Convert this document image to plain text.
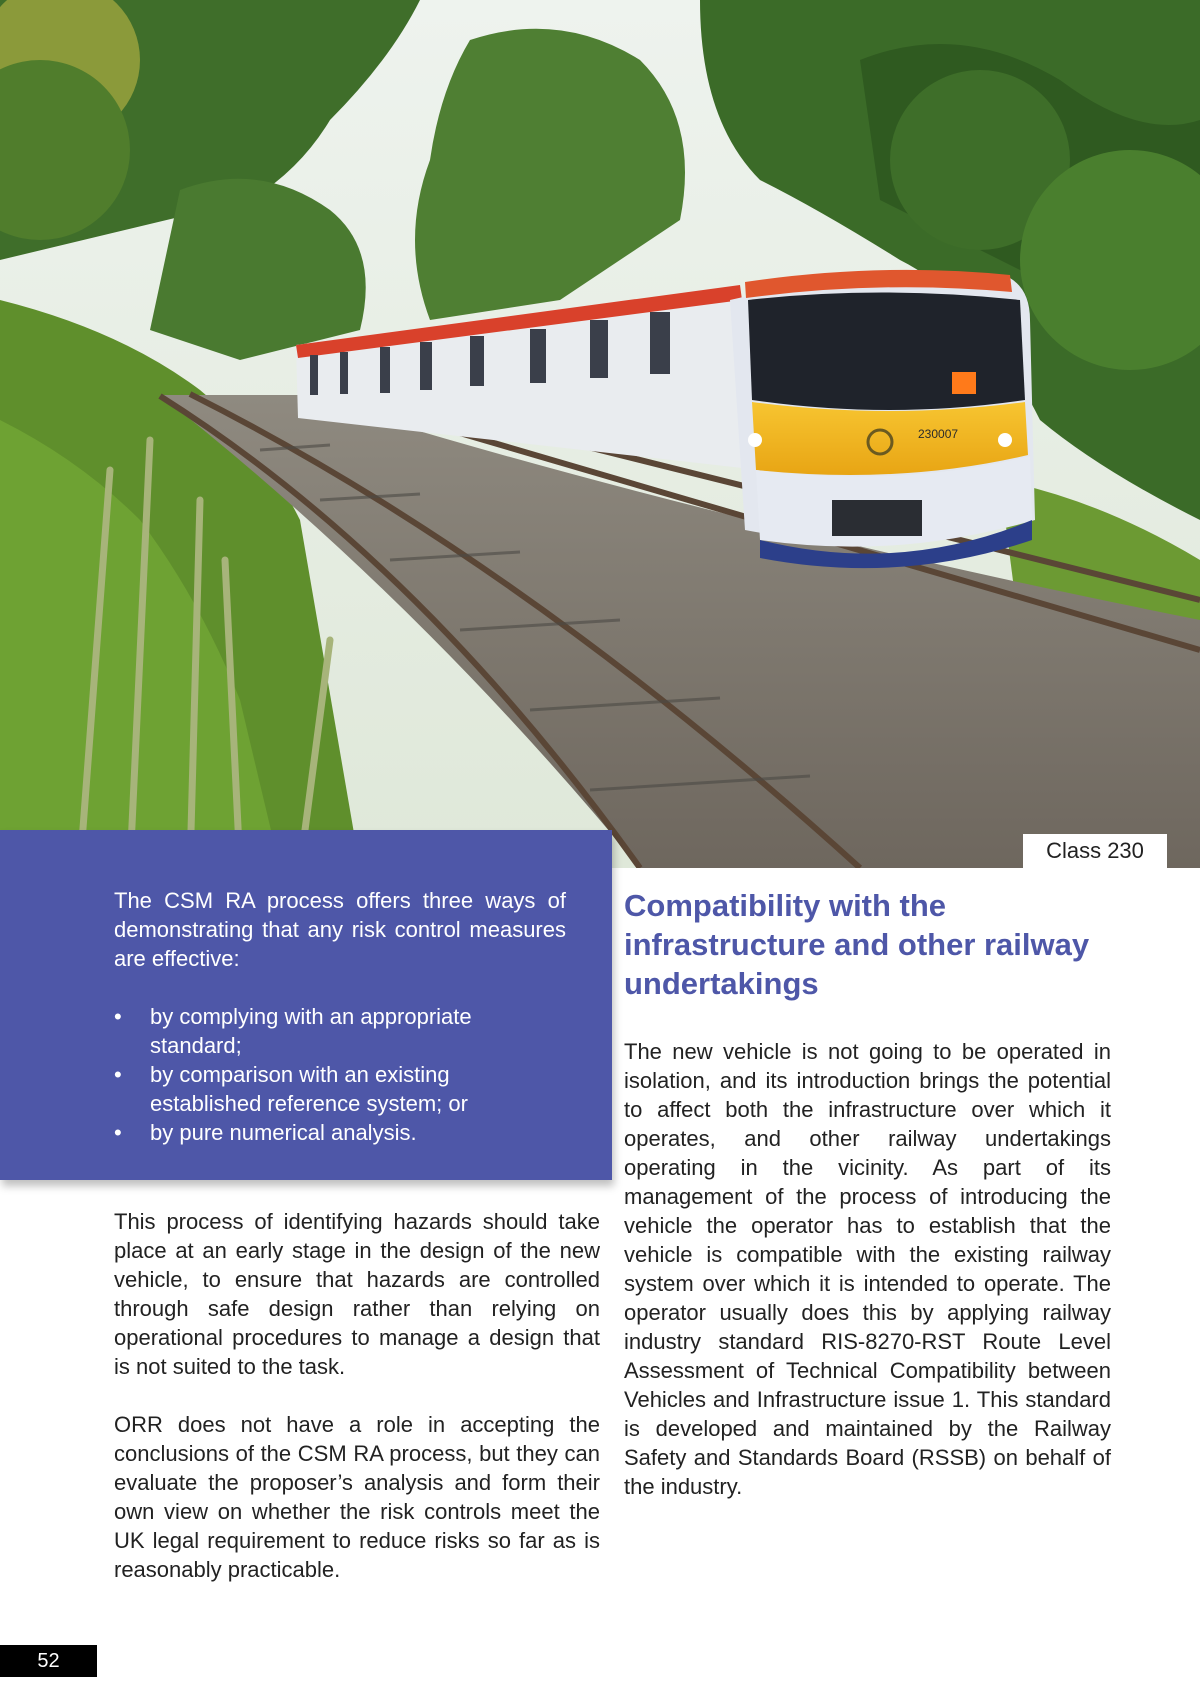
230007
Class 230

The CSM RA process offers three ways of demonstrating that any risk control measures are effective:

• by complying with an appropriate standard;
• by comparison with an existing established reference system; or
• by pure numerical analysis.

This process of identifying hazards should take place at an early stage in the design of the new vehicle, to ensure that hazards are controlled through safe design rather than relying on operational procedures to manage a design that is not suited to the task.

ORR does not have a role in accepting the conclusions of the CSM RA process, but they can evaluate the proposer’s analysis and form their own view on whether the risk controls meet the UK legal requirement to reduce risks so far as is reasonably practicable.

Compatibility with the infrastructure and other railway undertakings

The new vehicle is not going to be operated in isolation, and its introduction brings the potential to affect both the infrastructure over which it operates, and other railway undertakings operating in the vicinity. As part of its management of the process of introducing the vehicle the operator has to establish that the vehicle is compatible with the existing railway system over which it is intended to operate. The operator usually does this by applying railway industry standard RIS-8270-RST Route Level Assessment of Technical Compatibility between Vehicles and Infrastructure issue 1. This standard is developed and maintained by the Railway Safety and Standards Board (RSSB) on behalf of the industry.

52
